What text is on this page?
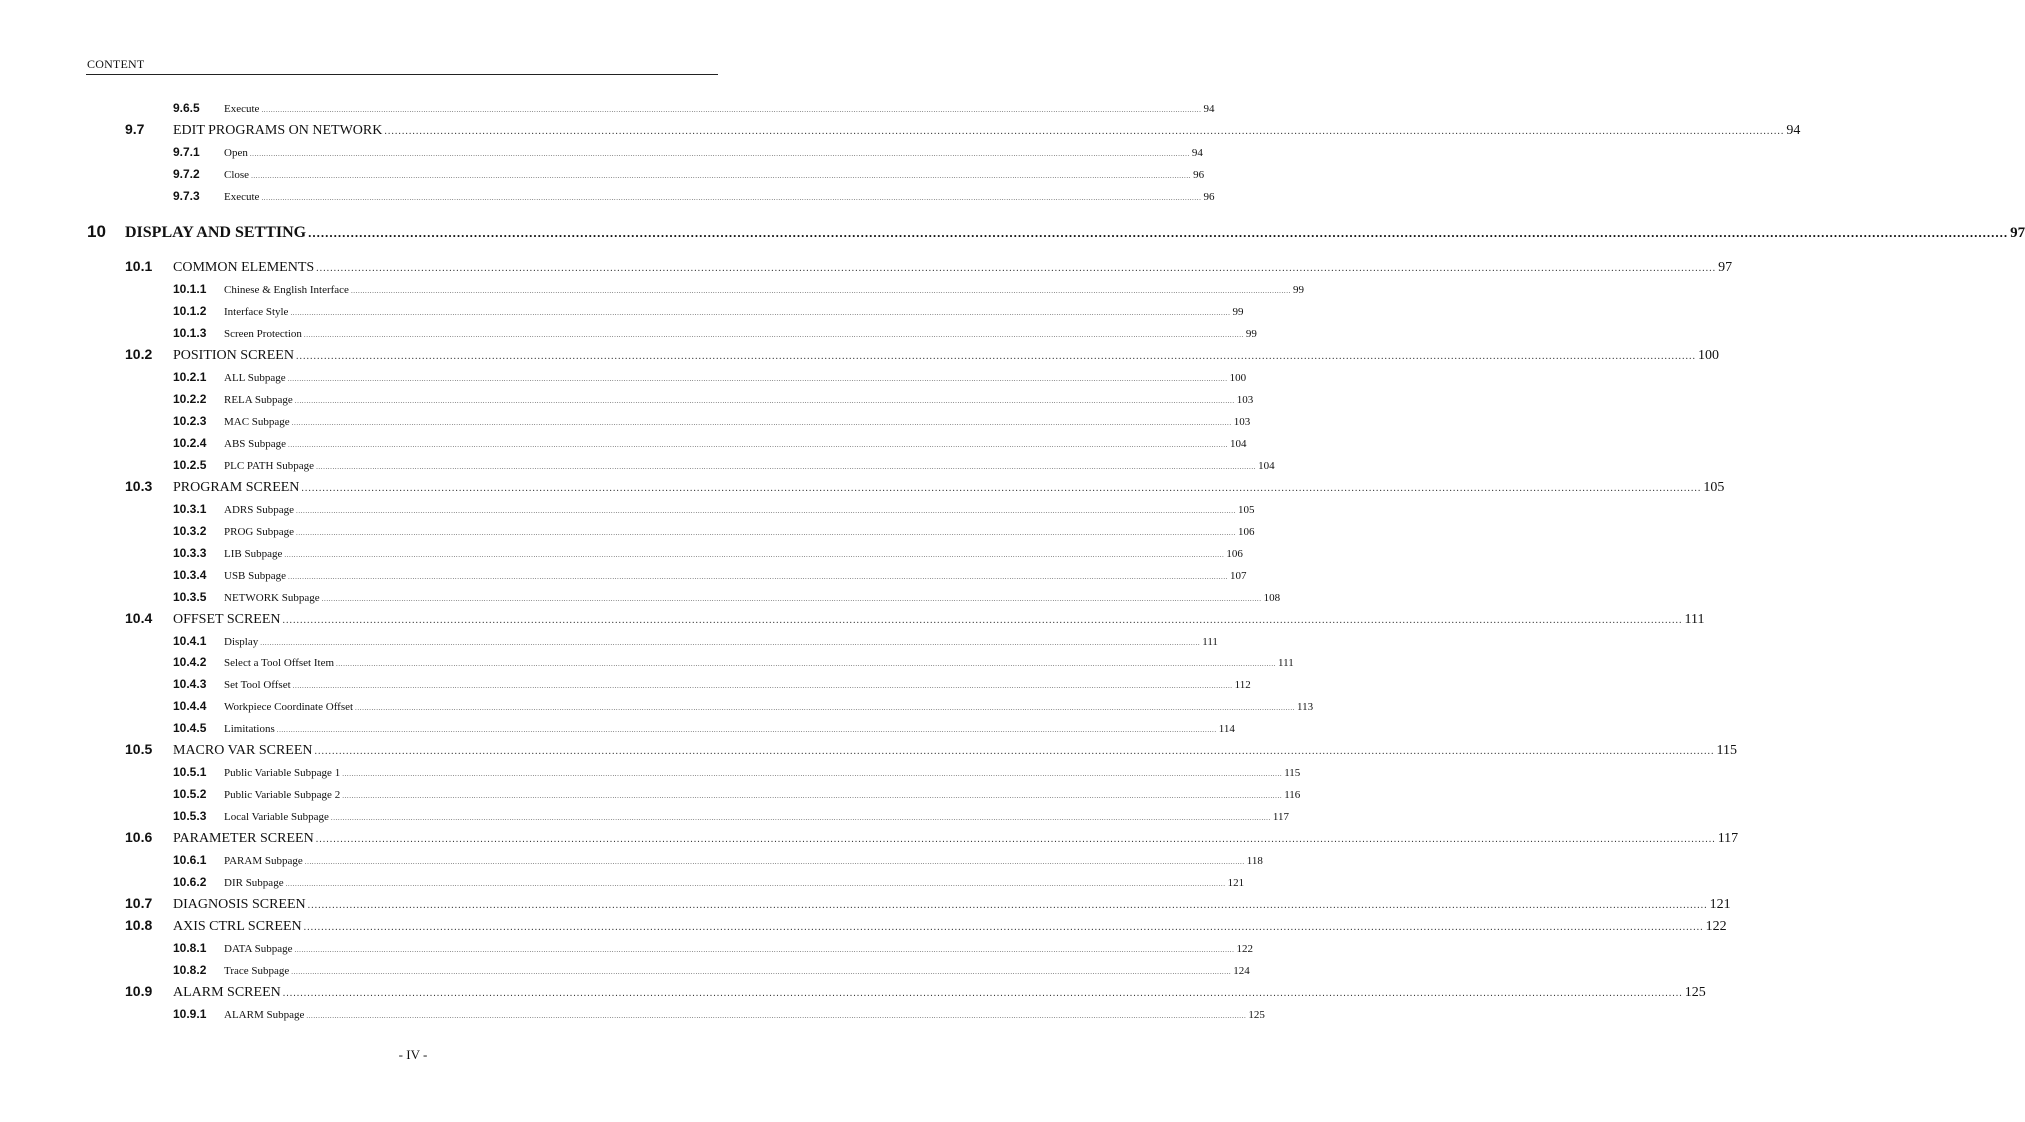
CONTENT
9.6.5	Execute ................................................................................................................................................................................................................................................................................................................................................................................................................ 94
9.7	EDIT PROGRAMS ON NETWORK ................................................................................................................................................................................................................................................................................................................................................................................................................ 94
9.7.1	Open ................................................................................................................................................................................................................................................................................................................................................................................................................ 94
9.7.2	Close ................................................................................................................................................................................................................................................................................................................................................................................................................ 96
9.7.3	Execute ................................................................................................................................................................................................................................................................................................................................................................................................................ 96
10	DISPLAY AND SETTING ................................................................................................................................................................................................................................................................................................................................................................................................................ 97
10.1	COMMON ELEMENTS ................................................................................................................................................................................................................................................................................................................................................................................................................ 97
10.1.1	Chinese & English Interface ................................................................................................................................................................................................................................................................................................................................................................................................................ 99
10.1.2	Interface Style ................................................................................................................................................................................................................................................................................................................................................................................................................ 99
10.1.3	Screen Protection ................................................................................................................................................................................................................................................................................................................................................................................................................ 99
10.2	POSITION SCREEN ................................................................................................................................................................................................................................................................................................................................................................................................................ 100
10.2.1	ALL Subpage ................................................................................................................................................................................................................................................................................................................................................................................................................ 100
10.2.2	RELA Subpage ................................................................................................................................................................................................................................................................................................................................................................................................................ 103
10.2.3	MAC Subpage ................................................................................................................................................................................................................................................................................................................................................................................................................ 103
10.2.4	ABS Subpage ................................................................................................................................................................................................................................................................................................................................................................................................................ 104
10.2.5	PLC PATH Subpage ................................................................................................................................................................................................................................................................................................................................................................................................................ 104
10.3	PROGRAM SCREEN ................................................................................................................................................................................................................................................................................................................................................................................................................ 105
10.3.1	ADRS Subpage ................................................................................................................................................................................................................................................................................................................................................................................................................ 105
10.3.2	PROG Subpage ................................................................................................................................................................................................................................................................................................................................................................................................................ 106
10.3.3	LIB Subpage ................................................................................................................................................................................................................................................................................................................................................................................................................ 106
10.3.4	USB Subpage ................................................................................................................................................................................................................................................................................................................................................................................................................ 107
10.3.5	NETWORK Subpage ................................................................................................................................................................................................................................................................................................................................................................................................................ 108
10.4	OFFSET SCREEN ................................................................................................................................................................................................................................................................................................................................................................................................................ 111
10.4.1	Display ................................................................................................................................................................................................................................................................................................................................................................................................................ 111
10.4.2	Select a Tool Offset Item ................................................................................................................................................................................................................................................................................................................................................................................................................ 111
10.4.3	Set Tool Offset ................................................................................................................................................................................................................................................................................................................................................................................................................ 112
10.4.4	Workpiece Coordinate Offset ................................................................................................................................................................................................................................................................................................................................................................................................................ 113
10.4.5	Limitations ................................................................................................................................................................................................................................................................................................................................................................................................................ 114
10.5	MACRO VAR SCREEN ................................................................................................................................................................................................................................................................................................................................................................................................................ 115
10.5.1	Public Variable Subpage 1 ................................................................................................................................................................................................................................................................................................................................................................................................................ 115
10.5.2	Public Variable Subpage 2 ................................................................................................................................................................................................................................................................................................................................................................................................................ 116
10.5.3	Local Variable Subpage ................................................................................................................................................................................................................................................................................................................................................................................................................ 117
10.6	PARAMETER SCREEN ................................................................................................................................................................................................................................................................................................................................................................................................................ 117
10.6.1	PARAM Subpage ................................................................................................................................................................................................................................................................................................................................................................................................................ 118
10.6.2	DIR Subpage ................................................................................................................................................................................................................................................................................................................................................................................................................ 121
10.7	DIAGNOSIS SCREEN ................................................................................................................................................................................................................................................................................................................................................................................................................ 121
10.8	AXIS CTRL SCREEN ................................................................................................................................................................................................................................................................................................................................................................................................................ 122
10.8.1	DATA Subpage ................................................................................................................................................................................................................................................................................................................................................................................................................ 122
10.8.2	Trace Subpage ................................................................................................................................................................................................................................................................................................................................................................................................................ 124
10.9	ALARM SCREEN ................................................................................................................................................................................................................................................................................................................................................................................................................ 125
10.9.1	ALARM Subpage ................................................................................................................................................................................................................................................................................................................................................................................................................ 125
- IV -
